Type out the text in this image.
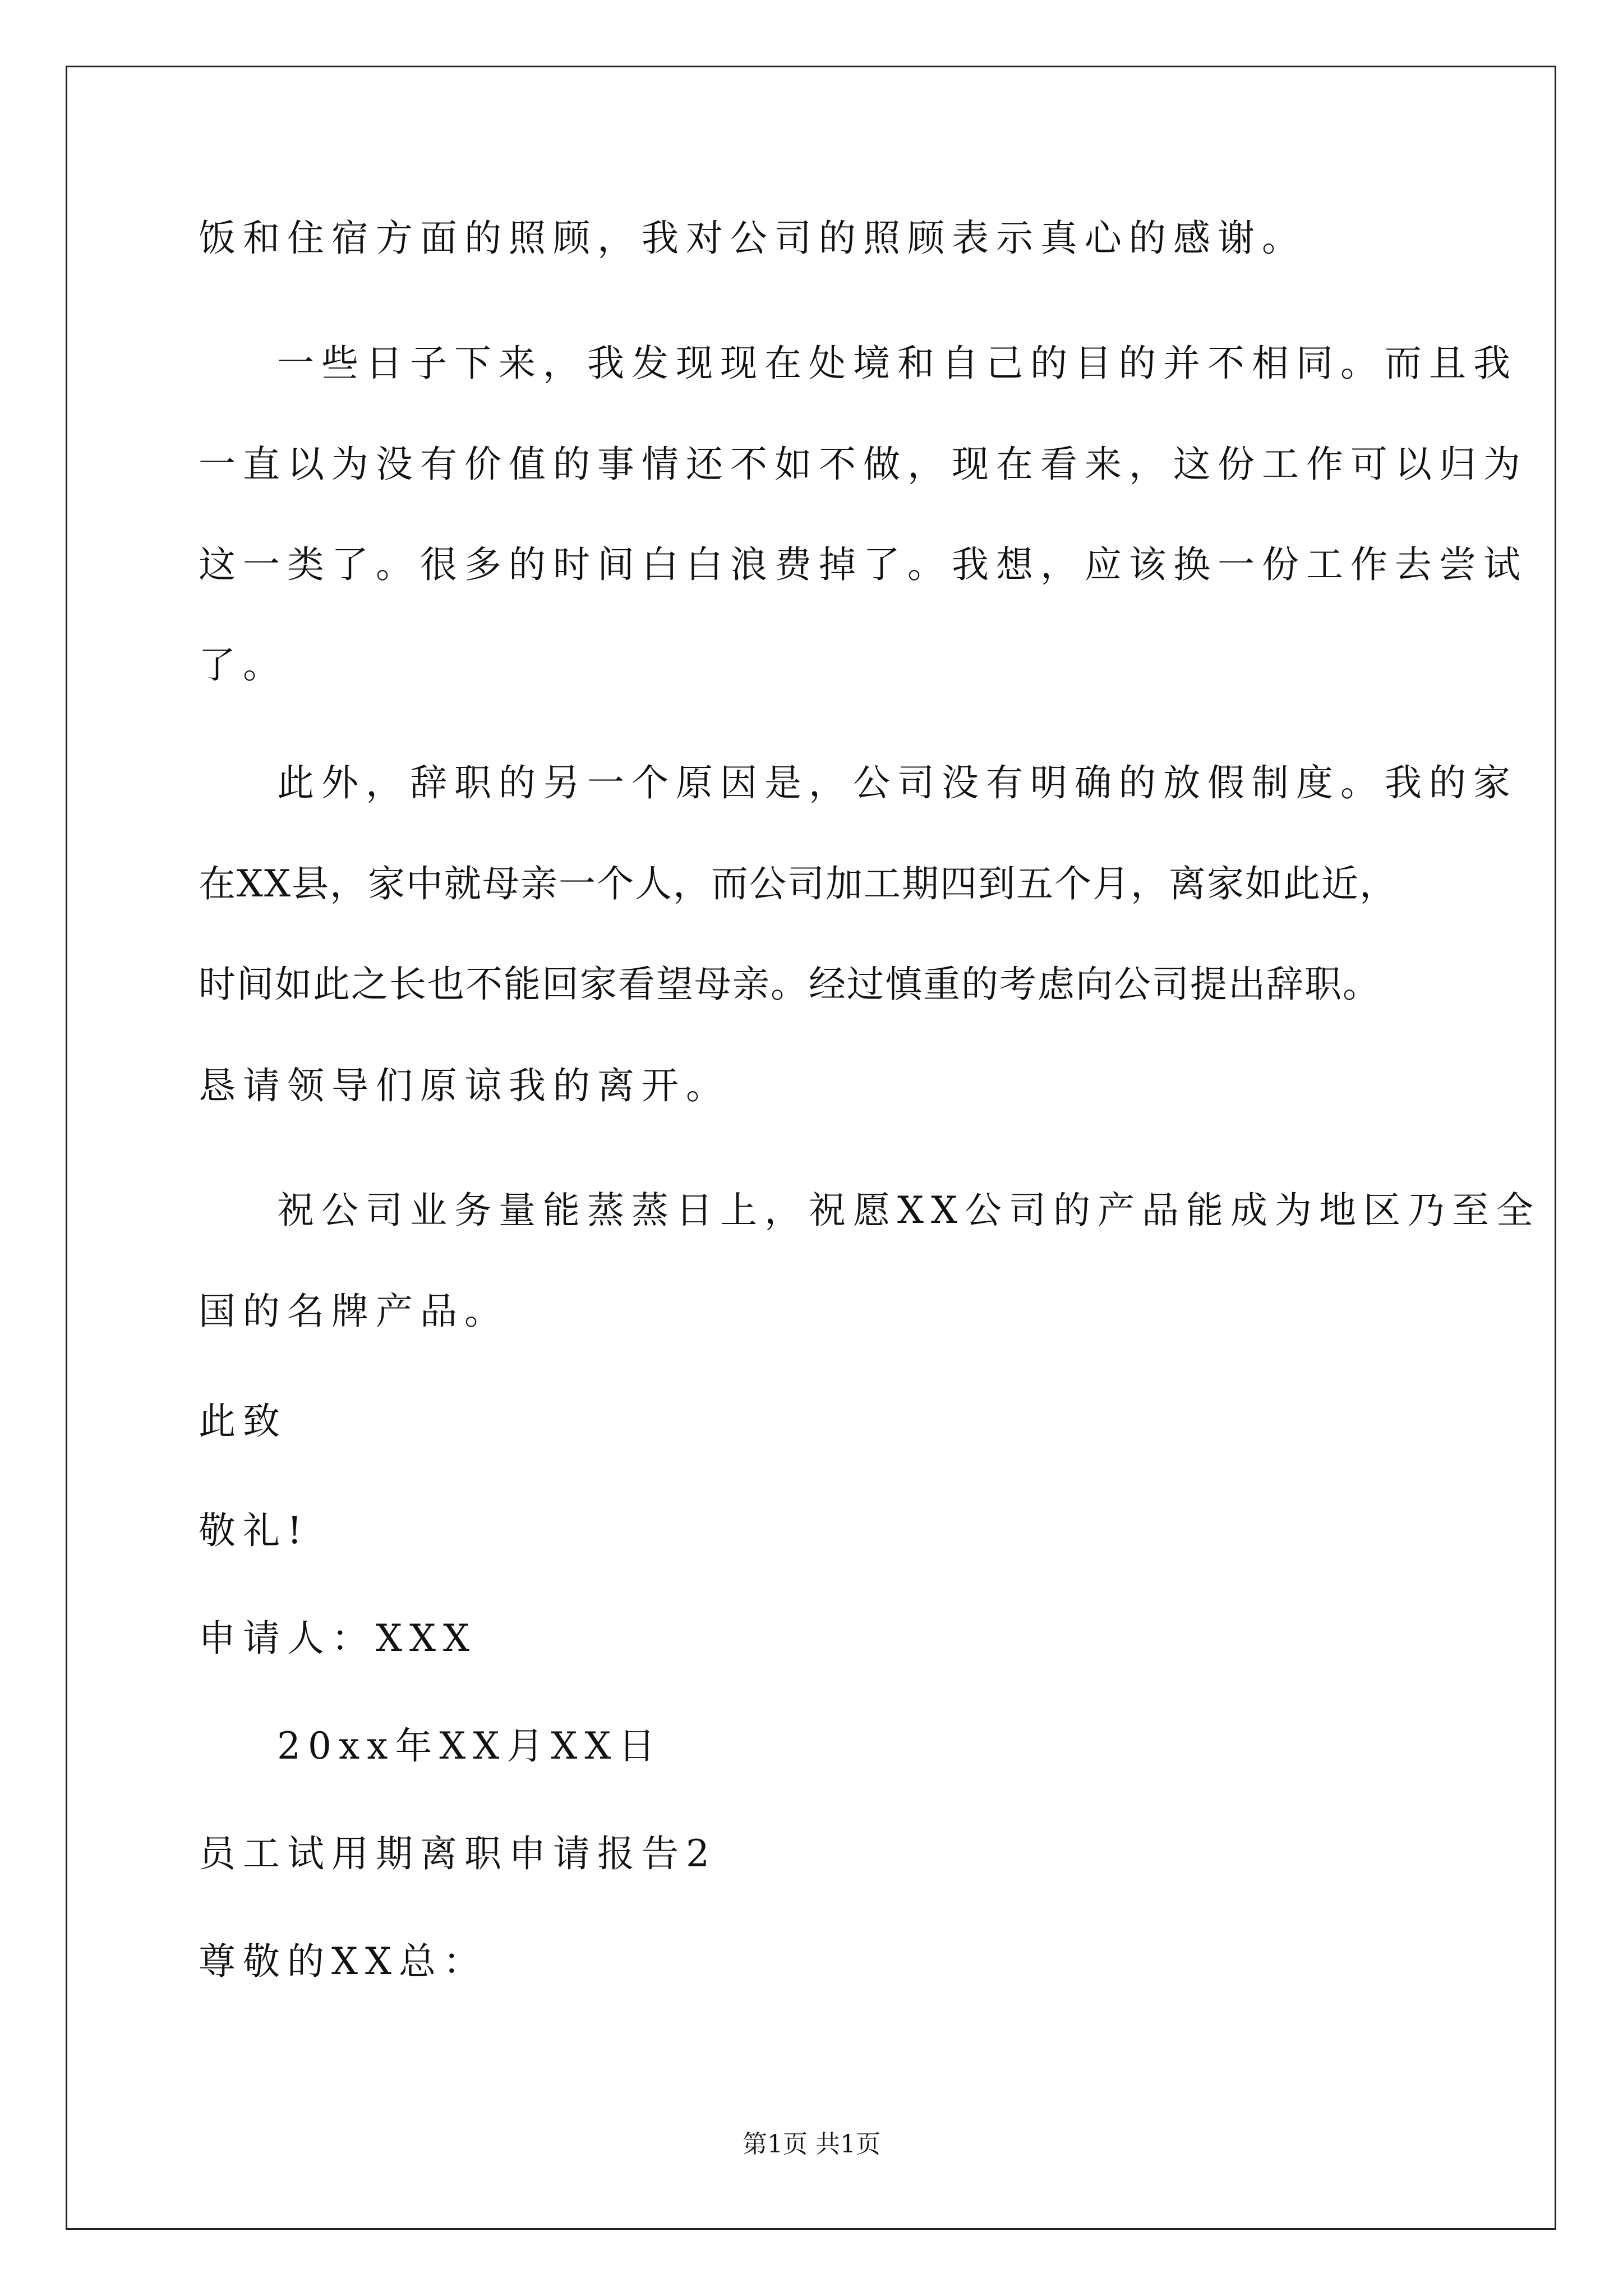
饭和住宿方面的照顾，我对公司的照顾表示真心的感谢。
一些日子下来，我发现现在处境和自己的目的并不相同。而且我
一直以为没有价值的事情还不如不做，现在看来，这份工作可以归为
这一类了。很多的时间白白浪费掉了。我想，应该换一份工作去尝试
了。
此外，辞职的另一个原因是，公司没有明确的放假制度。我的家
在XX县，家中就母亲一个人，而公司加工期四到五个月，离家如此近，
时间如此之长也不能回家看望母亲。经过慎重的考虑向公司提出辞职。
恳请领导们原谅我的离开。
祝公司业务量能蒸蒸日上，祝愿XX公司的产品能成为地区乃至全
国的名牌产品。
此致
敬礼!
申请人：XXX
20xx年XX月XX日
员工试用期离职申请报告2
尊敬的XX总：
第1页 共1页
